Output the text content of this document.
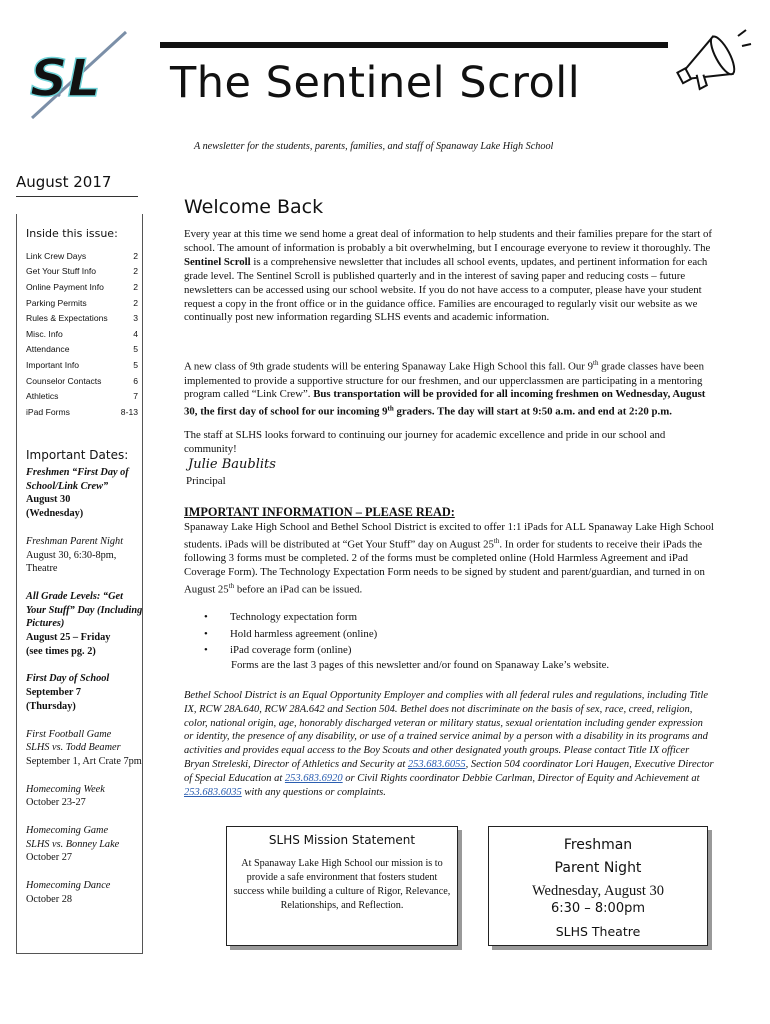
SL The Sentinel Scroll
A newsletter for the students, parents, families, and staff of Spanaway Lake High School
August 2017
Inside this issue:
Link Crew Days	2
Get Your Stuff Info	2
Online Payment Info	2
Parking Permits	2
Rules & Expectations	3
Misc. Info	4
Attendance	5
Important Info	5
Counselor Contacts	6
Athletics	7
iPad Forms	8-13
Important Dates:
Freshmen “First Day of School/Link Crew”
August 30
(Wednesday)
Freshman Parent Night
August 30, 6:30-8pm, Theatre
All Grade Levels: “Get Your Stuff” Day (Including Pictures)
August 25 – Friday
(see times pg. 2)
First Day of School
September 7
(Thursday)
First Football Game
SLHS vs. Todd Beamer
September 1, Art Crate 7pm
Homecoming Week
October 23-27
Homecoming Game
SLHS vs. Bonney Lake
October 27
Homecoming Dance
October 28
Welcome Back

Every year at this time we send home a great deal of information to help students and their families prepare for the start of school. The amount of information is probably a bit overwhelming, but I encourage everyone to review it thoroughly. The Sentinel Scroll is a comprehensive newsletter that includes all school events, updates, and pertinent information for each grade level. The Sentinel Scroll is published quarterly and in the interest of saving paper and reducing costs – future newsletters can be accessed using our school website. If you do not have access to a computer, please have your student request a copy in the front office or in the guidance office. Families are encouraged to regularly visit our website as we continually post new information regarding SLHS events and academic information.

A new class of 9th grade students will be entering Spanaway Lake High School this fall. Our 9th grade classes have been implemented to provide a supportive structure for our freshmen, and our upperclassmen are participating in a mentoring program called “Link Crew”. Bus transportation will be provided for all incoming freshmen on Wednesday, August 30, the first day of school for our incoming 9th graders. The day will start at 9:50 a.m. and end at 2:20 p.m.

The staff at SLHS looks forward to continuing our journey for academic excellence and pride in our school and community!

Julie Baublits
Principal
IMPORTANT INFORMATION – PLEASE READ:

Spanaway Lake High School and Bethel School District is excited to offer 1:1 iPads for ALL Spanaway Lake High School students. iPads will be distributed at “Get Your Stuff” day on August 25th. In order for students to receive their iPads the following 3 forms must be completed. 2 of the forms must be completed online (Hold Harmless Agreement and iPad Coverage Form). The Technology Expectation Form needs to be signed by student and parent/guardian, and turned in on August 25th before an iPad can be issued.

•	Technology expectation form
•	Hold harmless agreement (online)
•	iPad coverage form (online)
Forms are the last 3 pages of this newsletter and/or found on Spanaway Lake’s website.

Bethel School District is an Equal Opportunity Employer and complies with all federal rules and regulations, including Title IX, RCW 28A.640, RCW 28A.642 and Section 504. Bethel does not discriminate on the basis of sex, race, creed, religion, color, national origin, age, honorably discharged veteran or military status, sexual orientation including gender expression or identity, the presence of any disability, or use of a trained service animal by a person with a disability in its programs and activities and provides equal access to the Boy Scouts and other designated youth groups. Please contact Title IX officer Bryan Streleski, Director of Athletics and Security at 253.683.6055, Section 504 coordinator Lori Haugen, Executive Director of Special Education at 253.683.6920 or Civil Rights coordinator Debbie Carlman, Director of Equity and Achievement at 253.683.6035 with any questions or complaints.

SLHS Mission Statement
At Spanaway Lake High School our mission is to provide a safe environment that fosters student success while building a culture of Rigor, Relevance, Relationships, and Reflection.
Freshman
Parent Night
Wednesday, August 30
6:30 – 8:00pm
SLHS Theatre
